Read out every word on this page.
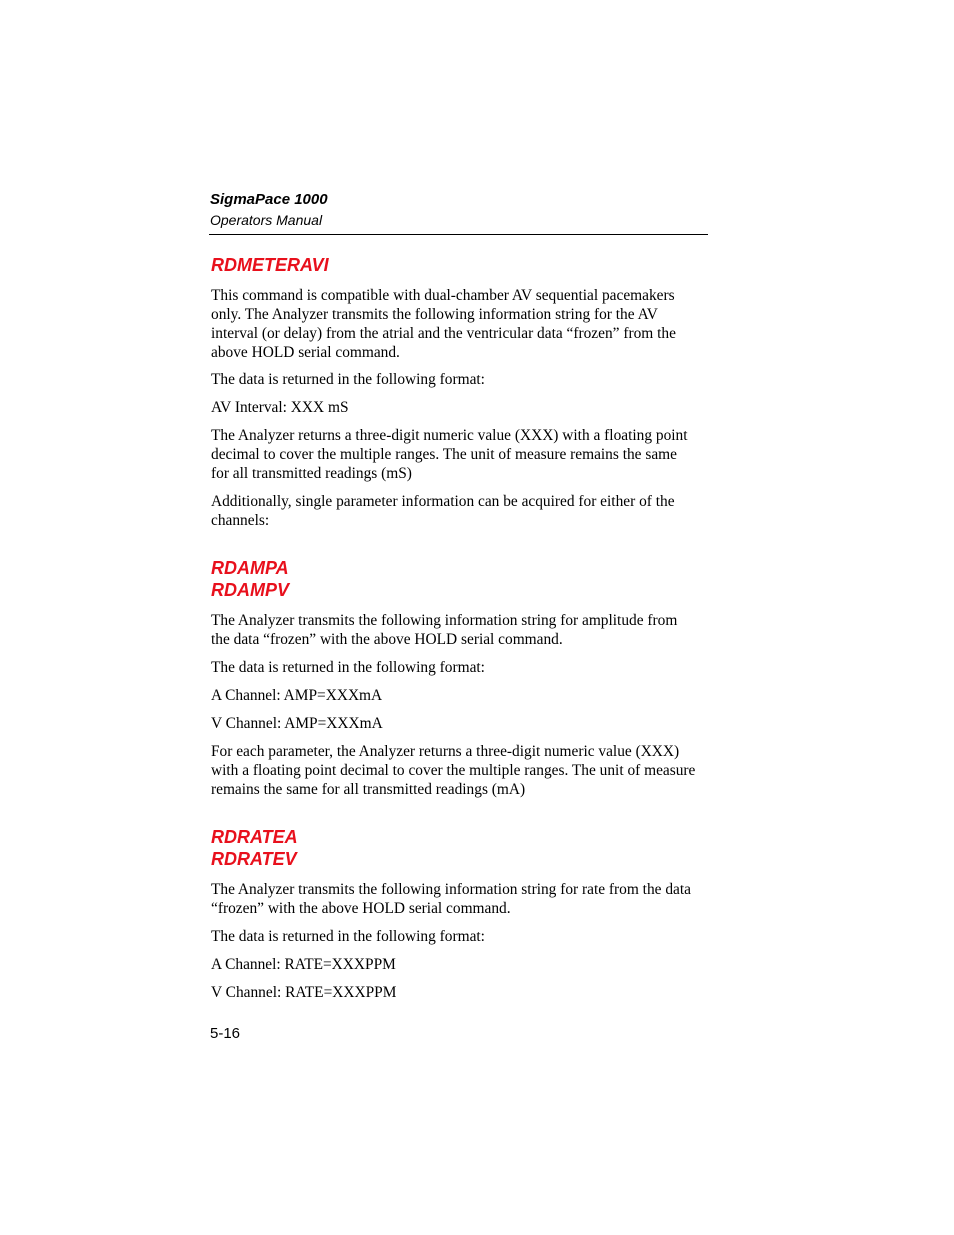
SigmaPace 1000
Operators Manual
RDMETERAVI
This command is compatible with dual-chamber AV sequential pacemakers
only. The Analyzer transmits the following information string for the AV
interval (or delay) from the atrial and the ventricular data “frozen” from the
above HOLD serial command.
The data is returned in the following format:
AV Interval: XXX mS
The Analyzer returns a three-digit numeric value (XXX) with a floating point
decimal to cover the multiple ranges. The unit of measure remains the same
for all transmitted readings (mS)
Additionally, single parameter information can be acquired for either of the
channels:
RDAMPA
RDAMPV
The Analyzer transmits the following information string for amplitude from
the data “frozen” with the above HOLD serial command.
The data is returned in the following format:
A Channel: AMP=XXXmA
V Channel: AMP=XXXmA
For each parameter, the Analyzer returns a three-digit numeric value (XXX)
with a floating point decimal to cover the multiple ranges. The unit of measure
remains the same for all transmitted readings (mA)
RDRATEA
RDRATEV
The Analyzer transmits the following information string for rate from the data
“frozen” with the above HOLD serial command.
The data is returned in the following format:
A Channel: RATE=XXXPPM
V Channel: RATE=XXXPPM
5-16
